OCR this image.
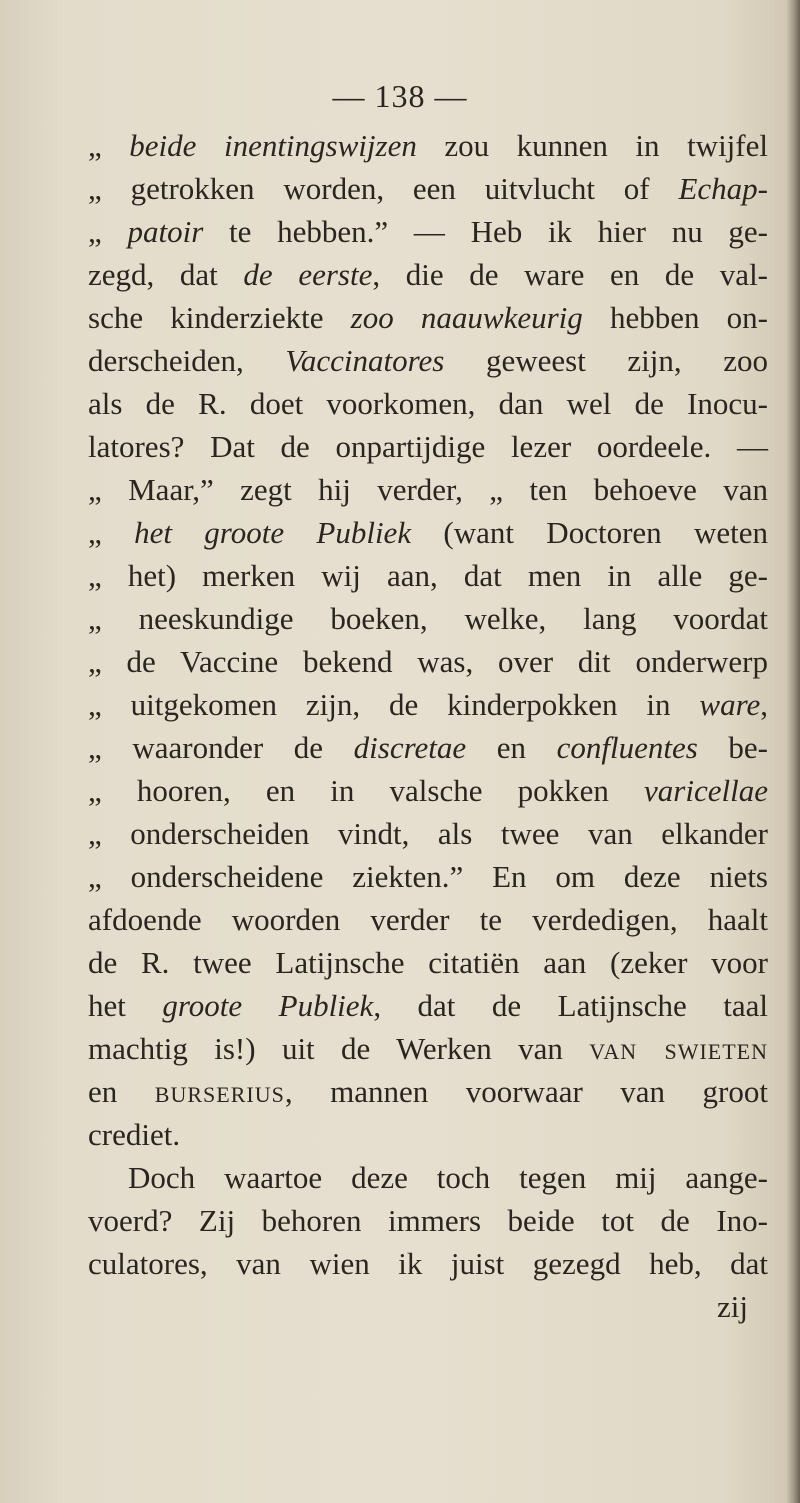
— 138 —
„ beide inentingswijzen zou kunnen in twijfel
„ getrokken worden, een uitvlucht of Echap-
„ patoir te hebben.” — Heb ik hier nu ge-
zegd, dat de eerste, die de ware en de val-
sche kinderziekte zoo naauwkeurig hebben on-
derscheiden, Vaccinatores geweest zijn, zoo
als de R. doet voorkomen, dan wel de Inocu-
latores? Dat de onpartijdige lezer oordeele. —
„ Maar,” zegt hij verder, „ ten behoeve van
„ het groote Publiek (want Doctoren weten
„ het) merken wij aan, dat men in alle ge-
„ neeskundige boeken, welke, lang voordat
„ de Vaccine bekend was, over dit onderwerp
„ uitgekomen zijn, de kinderpokken in ware,
„ waaronder de discretae en confluentes be-
„ hooren, en in valsche pokken varicellae
„ onderscheiden vindt, als twee van elkander
„ onderscheidene ziekten.” En om deze niets
afdoende woorden verder te verdedigen, haalt
de R. twee Latijnsche citatiën aan (zeker voor
het groote Publiek, dat de Latijnsche taal
machtig is!) uit de Werken van van swieten
en burserius, mannen voorwaar van groot
crediet.
Doch waartoe deze toch tegen mij aange-
voerd? Zij behoren immers beide tot de Ino-
culatores, van wien ik juist gezegd heb, dat
zij
